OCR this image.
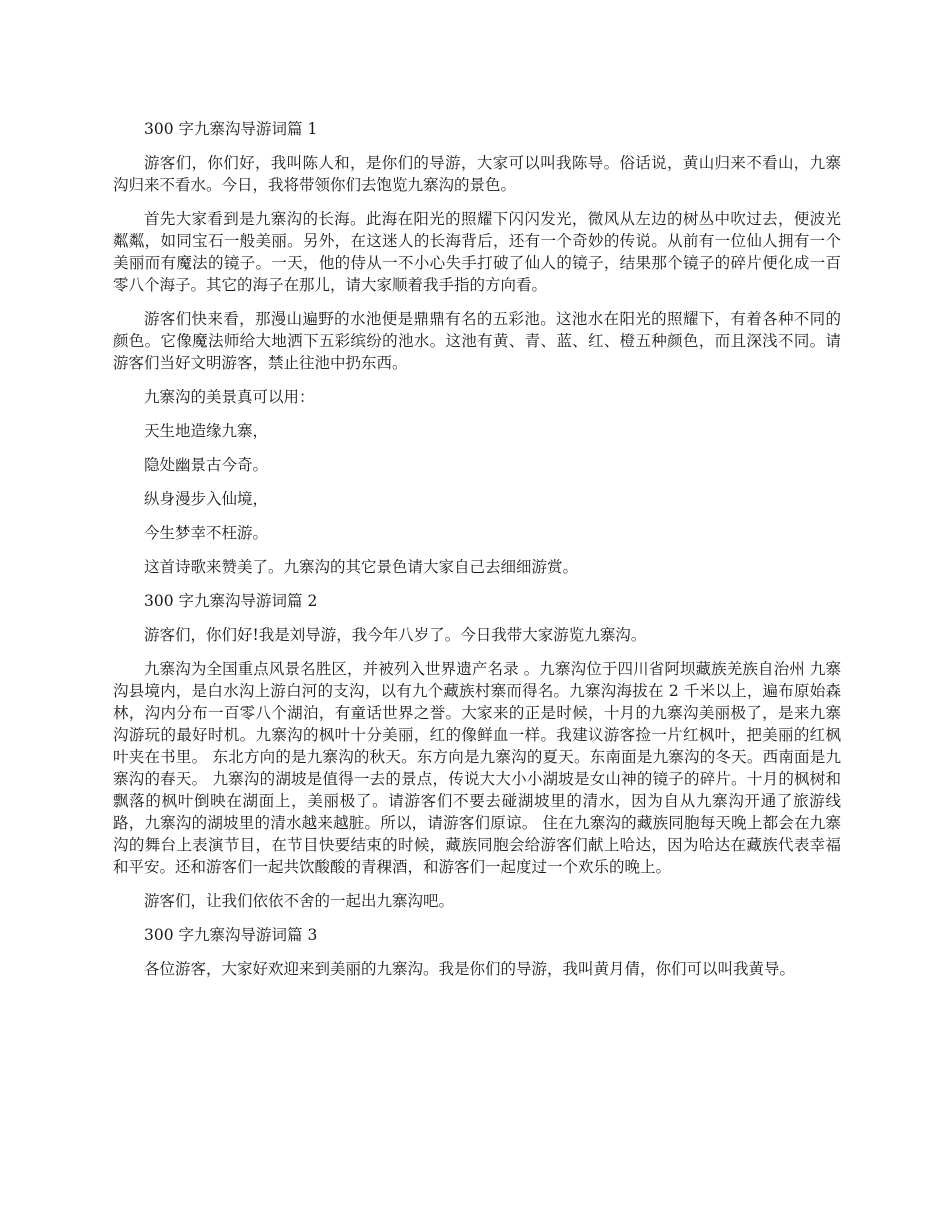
300 字九寨沟导游词篇 1

游客们，你们好，我叫陈人和，是你们的导游，大家可以叫我陈导。俗话说，黄山归来不看山，九寨沟归来不看水。今日，我将带领你们去饱览九寨沟的景色。

首先大家看到是九寨沟的长海。此海在阳光的照耀下闪闪发光，微风从左边的树丛中吹过去，便波光粼粼，如同宝石一般美丽。另外，在这迷人的长海背后，还有一个奇妙的传说。从前有一位仙人拥有一个美丽而有魔法的镜子。一天，他的侍从一不小心失手打破了仙人的镜子，结果那个镜子的碎片便化成一百零八个海子。其它的海子在那儿，请大家顺着我手指的方向看。

游客们快来看，那漫山遍野的水池便是鼎鼎有名的五彩池。这池水在阳光的照耀下，有着各种不同的颜色。它像魔法师给大地洒下五彩缤纷的池水。这池有黄、青、蓝、红、橙五种颜色，而且深浅不同。请游客们当好文明游客，禁止往池中扔东西。

九寨沟的美景真可以用：

天生地造缘九寨，

隐处幽景古今奇。

纵身漫步入仙境，

今生梦幸不枉游。

这首诗歌来赞美了。九寨沟的其它景色请大家自己去细细游赏。

300 字九寨沟导游词篇 2

游客们，你们好!我是刘导游，我今年八岁了。今日我带大家游览九寨沟。

九寨沟为全国重点风景名胜区，并被列入世界遗产名录 。九寨沟位于四川省阿坝藏族羌族自治州 九寨沟县境内，是白水沟上游白河的支沟，以有九个藏族村寨而得名。九寨沟海拔在 2 千米以上，遍布原始森林，沟内分布一百零八个湖泊，有童话世界之誉。大家来的正是时候，十月的九寨沟美丽极了，是来九寨沟游玩的最好时机。九寨沟的枫叶十分美丽，红的像鲜血一样。我建议游客捡一片红枫叶，把美丽的红枫叶夹在书里。 东北方向的是九寨沟的秋天。东方向是九寨沟的夏天。东南面是九寨沟的冬天。西南面是九寨沟的春天。 九寨沟的湖坡是值得一去的景点，传说大大小小湖坡是女山神的镜子的碎片。十月的枫树和飘落的枫叶倒映在湖面上，美丽极了。请游客们不要去碰湖坡里的清水，因为自从九寨沟开通了旅游线路，九寨沟的湖坡里的清水越来越脏。所以，请游客们原谅。 住在九寨沟的藏族同胞每天晚上都会在九寨沟的舞台上表演节目，在节目快要结束的时候，藏族同胞会给游客们献上哈达，因为哈达在藏族代表幸福和平安。还和游客们一起共饮酸酸的青稞酒，和游客们一起度过一个欢乐的晚上。

游客们，让我们依依不舍的一起出九寨沟吧。

300 字九寨沟导游词篇 3

各位游客，大家好欢迎来到美丽的九寨沟。我是你们的导游，我叫黄月倩，你们可以叫我黄导。
